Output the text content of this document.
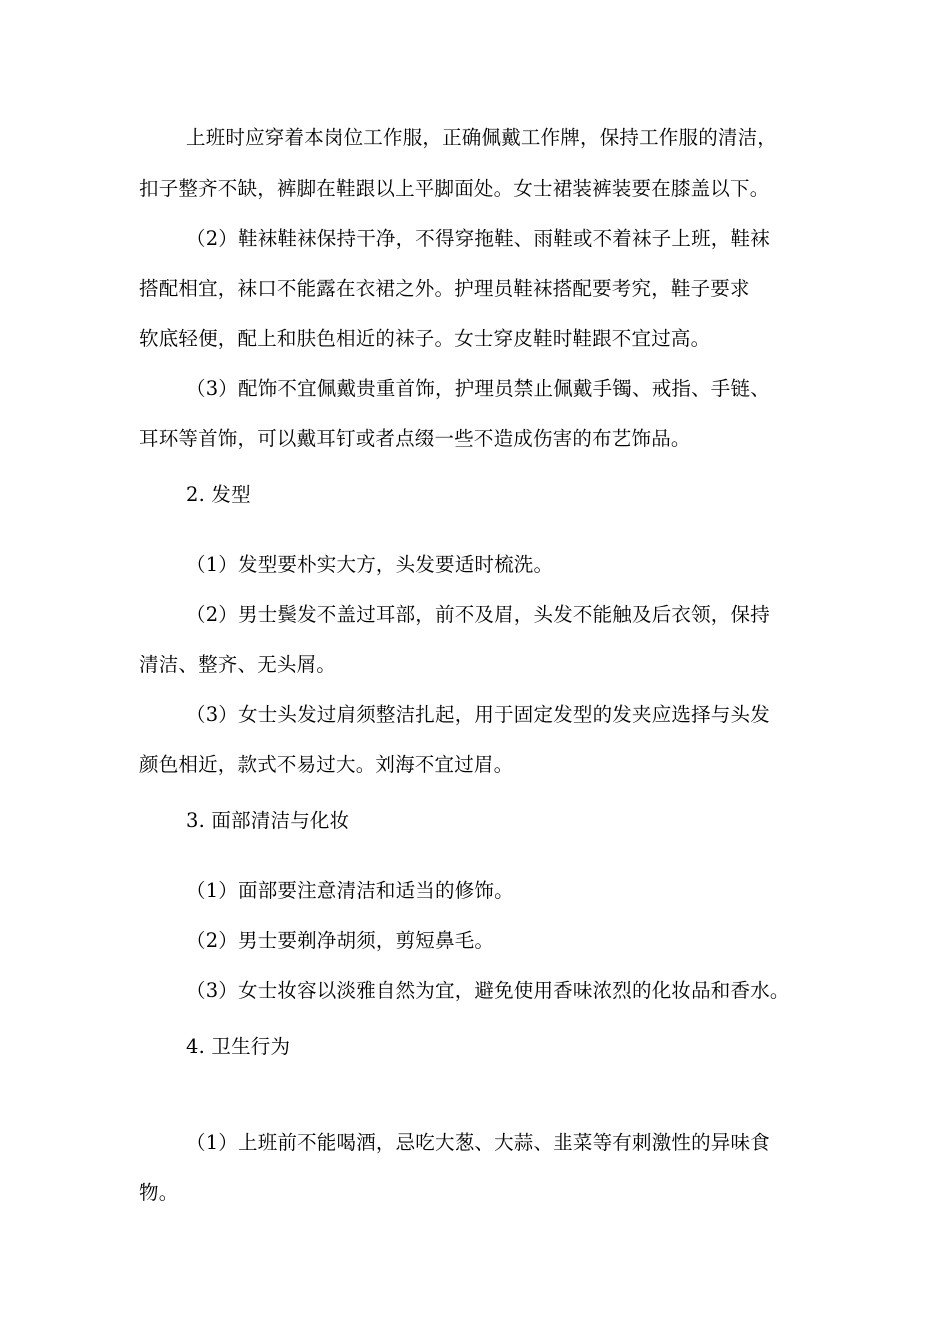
上班时应穿着本岗位工作服，正确佩戴工作牌，保持工作服的清洁，
扣子整齐不缺，裤脚在鞋跟以上平脚面处。女士裙装裤装要在膝盖以下。
（2）鞋袜鞋袜保持干净，不得穿拖鞋、雨鞋或不着袜子上班，鞋袜
搭配相宜，袜口不能露在衣裙之外。护理员鞋袜搭配要考究，鞋子要求
软底轻便，配上和肤色相近的袜子。女士穿皮鞋时鞋跟不宜过高。
（3）配饰不宜佩戴贵重首饰，护理员禁止佩戴手镯、戒指、手链、
耳环等首饰，可以戴耳钉或者点缀一些不造成伤害的布艺饰品。
2. 发型
（1）发型要朴实大方，头发要适时梳洗。
（2）男士鬓发不盖过耳部，前不及眉，头发不能触及后衣领，保持
清洁、整齐、无头屑。
（3）女士头发过肩须整洁扎起，用于固定发型的发夹应选择与头发
颜色相近，款式不易过大。刘海不宜过眉。
3. 面部清洁与化妆
（1）面部要注意清洁和适当的修饰。
（2）男士要剃净胡须，剪短鼻毛。
（3）女士妆容以淡雅自然为宜，避免使用香味浓烈的化妆品和香水。
4. 卫生行为
（1）上班前不能喝酒，忌吃大葱、大蒜、韭菜等有刺激性的异味食
物。
